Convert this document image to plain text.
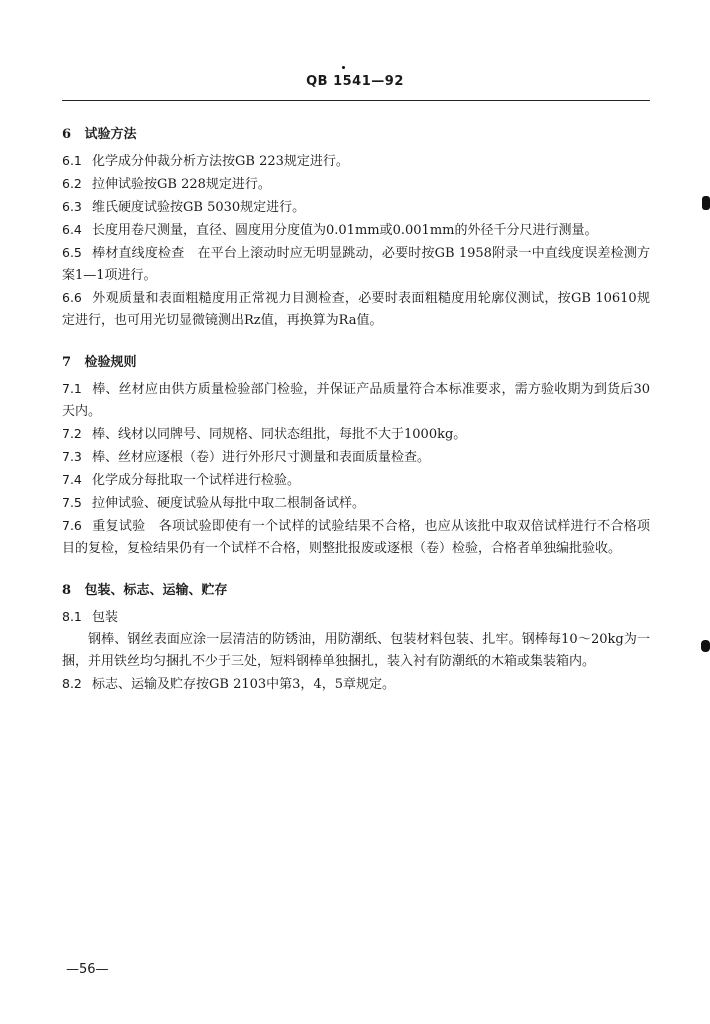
QB 1541—92
6 试验方法

6.1 化学成分仲裁分析方法按GB 223规定进行。

6.2 拉伸试验按GB 228规定进行。

6.3 维氏硬度试验按GB 5030规定进行。

6.4 长度用卷尺测量，直径、圆度用分度值为0.01mm或0.001mm的外径千分尺进行测量。

6.5 棒材直线度检查　在平台上滚动时应无明显跳动，必要时按GB 1958附录一中直线度误差检测方案1—1项进行。

6.6 外观质量和表面粗糙度用正常视力目测检查，必要时表面粗糙度用轮廓仪测试，按GB 10610规定进行，也可用光切显微镜测出Rz值，再换算为Ra值。

7 检验规则

7.1 棒、丝材应由供方质量检验部门检验，并保证产品质量符合本标准要求，需方验收期为到货后30天内。

7.2 棒、线材以同牌号、同规格、同状态组批，每批不大于1000kg。

7.3 棒、丝材应逐根（卷）进行外形尺寸测量和表面质量检查。

7.4 化学成分每批取一个试样进行检验。

7.5 拉伸试验、硬度试验从每批中取二根制备试样。

7.6 重复试验　各项试验即使有一个试样的试验结果不合格，也应从该批中取双倍试样进行不合格项目的复检，复检结果仍有一个试样不合格，则整批报废或逐根（卷）检验，合格者单独编批验收。

8 包装、标志、运输、贮存

8.1 包装

钢棒、钢丝表面应涂一层清洁的防锈油，用防潮纸、包装材料包装、扎牢。钢棒每10～20kg为一捆，并用铁丝均匀捆扎不少于三处，短料钢棒单独捆扎，装入衬有防潮纸的木箱或集装箱内。

8.2 标志、运输及贮存按GB 2103中第3，4，5章规定。

—56—
